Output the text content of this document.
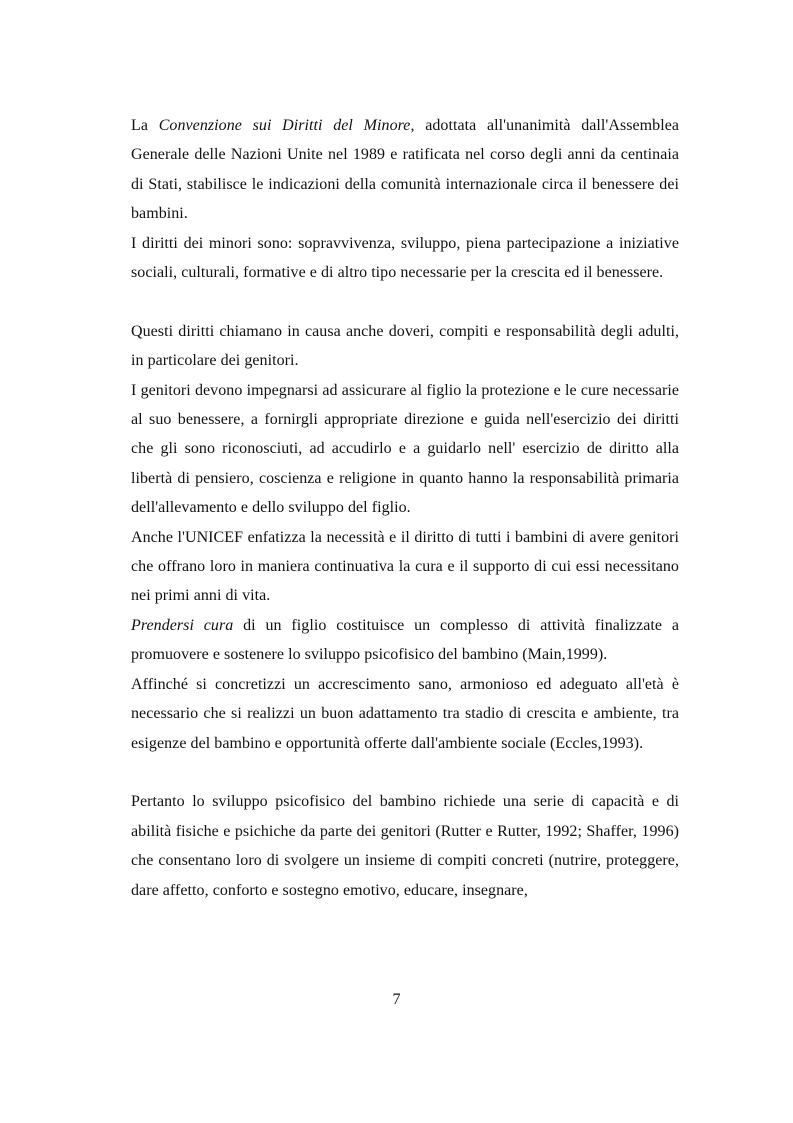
La Convenzione sui Diritti del Minore, adottata all'unanimità dall'Assemblea Generale delle Nazioni Unite nel 1989 e ratificata nel corso degli anni da centinaia di Stati, stabilisce le indicazioni della comunità internazionale circa il benessere dei bambini.

I diritti dei minori sono: sopravvivenza, sviluppo, piena partecipazione a iniziative sociali, culturali, formative e di altro tipo necessarie per la crescita ed il benessere.

Questi diritti chiamano in causa anche doveri, compiti e responsabilità degli adulti, in particolare dei genitori.

I genitori devono impegnarsi ad assicurare al figlio la protezione e le cure necessarie al suo benessere, a fornirgli appropriate direzione e guida nell'esercizio dei diritti che gli sono riconosciuti, ad accudirlo e a guidarlo nell' esercizio de diritto alla libertà di pensiero, coscienza e religione in quanto hanno la responsabilità primaria dell'allevamento e dello sviluppo del figlio.

Anche l'UNICEF enfatizza la necessità e il diritto di tutti i bambini di avere genitori che offrano loro in maniera continuativa la cura e il supporto di cui essi necessitano nei primi anni di vita.

Prendersi cura di un figlio costituisce un complesso di attività finalizzate a promuovere e sostenere lo sviluppo psicofisico del bambino (Main,1999).

Affinché si concretizzi un accrescimento sano, armonioso ed adeguato all'età è necessario che si realizzi un buon adattamento tra stadio di crescita e ambiente, tra esigenze del bambino e opportunità offerte dall'ambiente sociale (Eccles,1993).

Pertanto lo sviluppo psicofisico del bambino richiede una serie di capacità e di abilità fisiche e psichiche da parte dei genitori (Rutter e Rutter, 1992; Shaffer, 1996) che consentano loro di svolgere un insieme di compiti concreti (nutrire, proteggere, dare affetto, conforto e sostegno emotivo, educare, insegnare,

7
